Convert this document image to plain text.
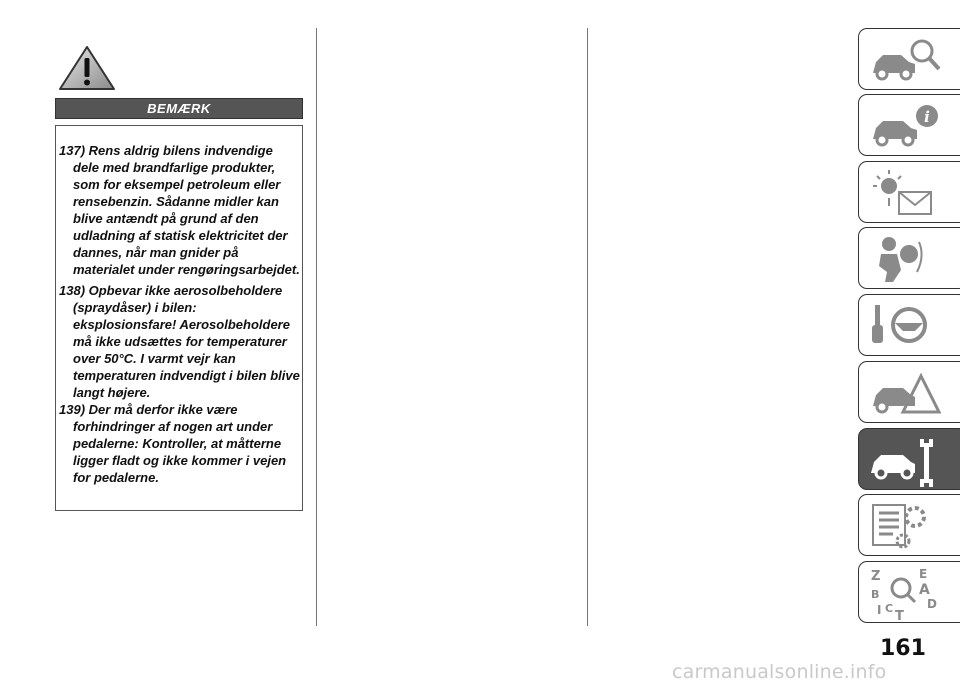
BEMÆRK

137) Rens aldrig bilens indvendige dele med brandfarlige produkter, som for eksempel petroleum eller rensebenzin. Sådanne midler kan blive antændt på grund af den udladning af statisk elektricitet der dannes, når man gnider på materialet under rengøringsarbejdet.

138) Opbevar ikke aerosolbeholdere (spraydåser) i bilen: eksplosionsfare! Aerosolbeholdere må ikke udsættes for temperaturer over 50°C. I varmt vejr kan temperaturen indvendigt i bilen blive langt højere.

139) Der må derfor ikke være forhindringer af nogen art under pedalerne: Kontroller, at måtterne ligger fladt og ikke kommer i vejen for pedalerne.

i
Z	E
A
B
I C
T
D
161
carmanualsonline.info
